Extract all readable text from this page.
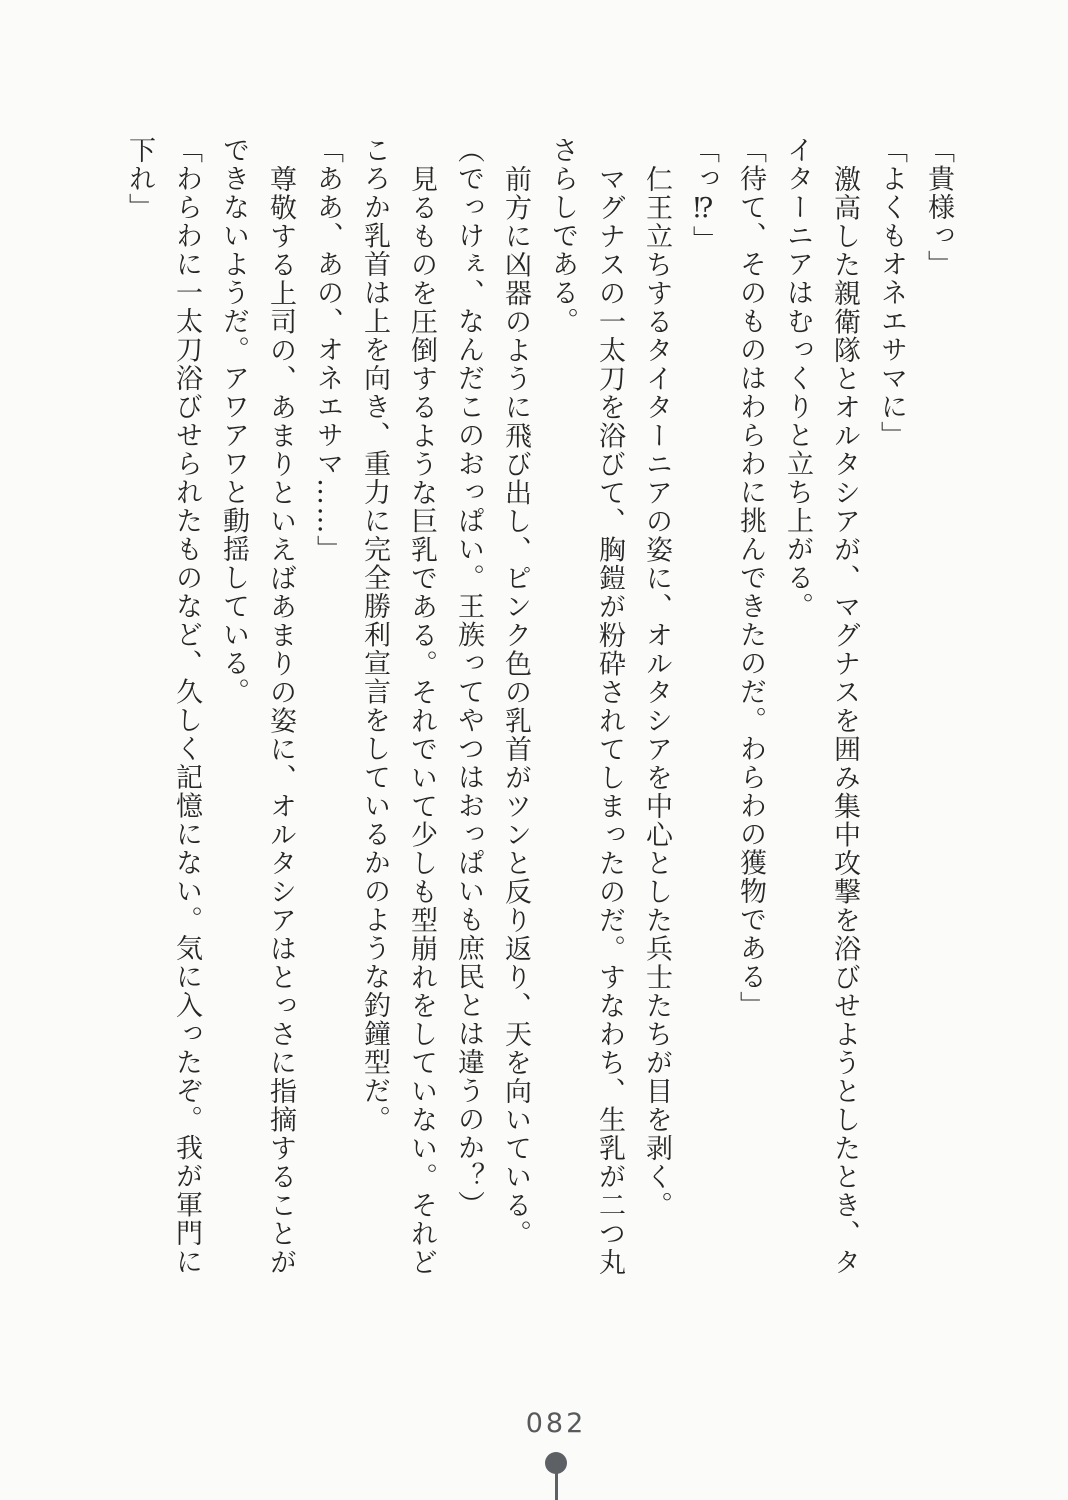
「貴様っ」

「よくもオネエサマに」

激高した親衛隊とオルタシアが、マグナスを囲み集中攻撃を浴びせようとしたとき、タ

イターニアはむっくりと立ち上がる。

「待て、そのものはわらわに挑んできたのだ。わらわの獲物である」

「っ⁉」

仁王立ちするタイターニアの姿に、オルタシアを中心とした兵士たちが目を剥く。

マグナスの一太刀を浴びて、胸鎧が粉砕されてしまったのだ。すなわち、生乳が二つ丸

さらしである。

前方に凶器のように飛び出し、ピンク色の乳首がツンと反り返り、天を向いている。

（でっけぇ、なんだこのおっぱい。王族ってやつはおっぱいも庶民とは違うのか？）

見るものを圧倒するような巨乳である。それでいて少しも型崩れをしていない。それど

ころか乳首は上を向き、重力に完全勝利宣言をしているかのような釣鐘型だ。

「ああ、あの、オネエサマ……」

尊敬する上司の、あまりといえばあまりの姿に、オルタシアはとっさに指摘することが

できないようだ。アワアワと動揺している。

「わらわに一太刀浴びせられたものなど、久しく記憶にない。気に入ったぞ。我が軍門に

下れ」

082
